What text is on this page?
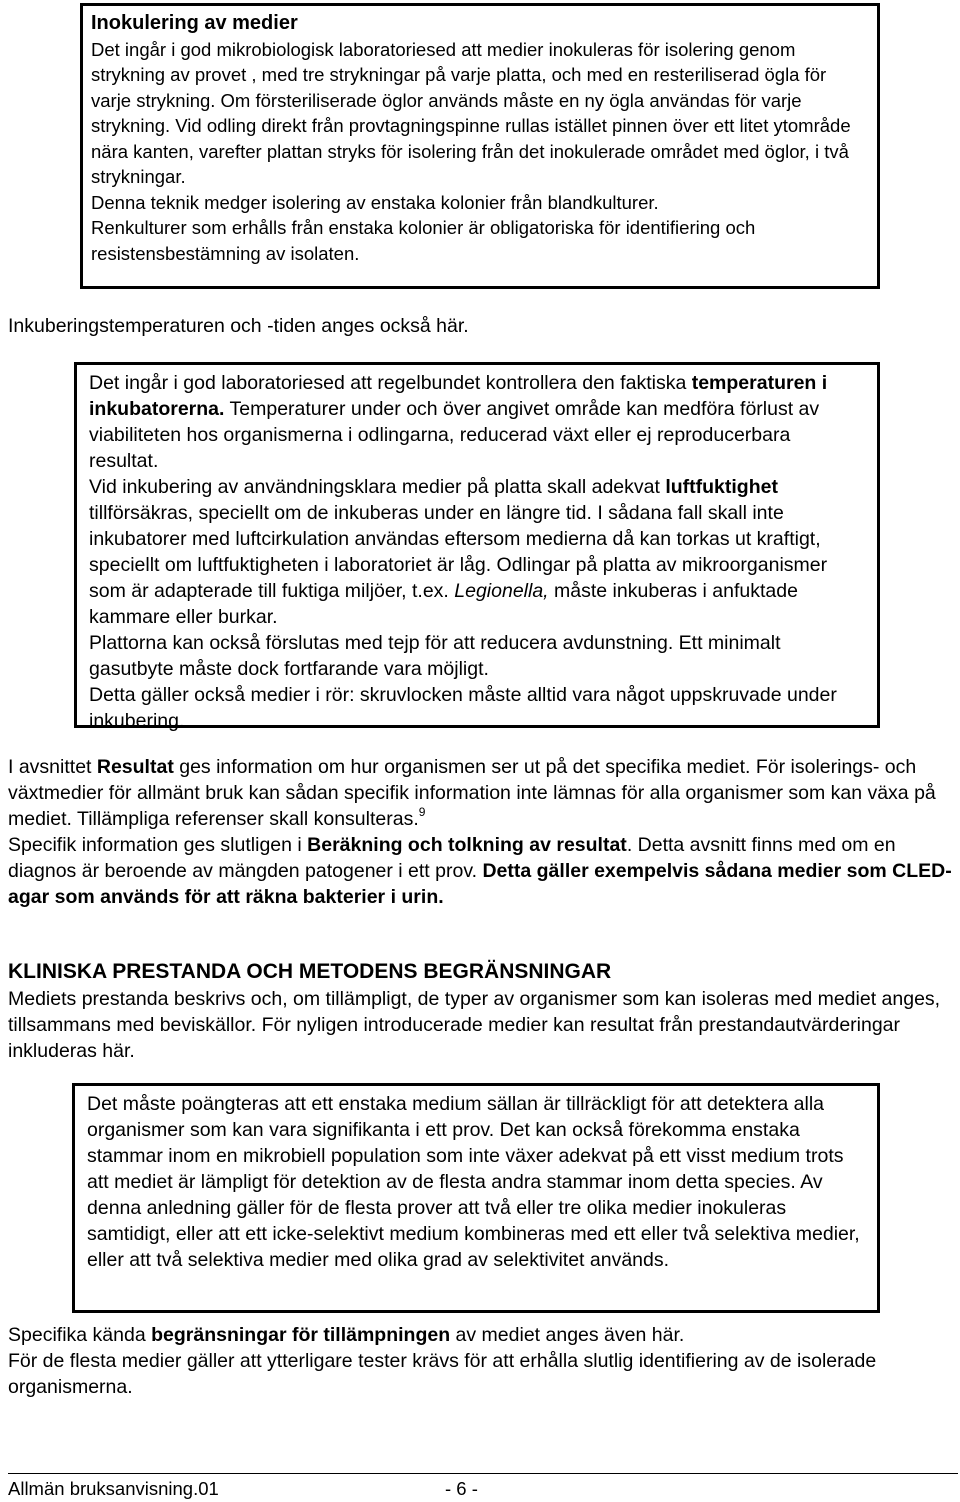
Inokulering av medier
Det ingår i god mikrobiologisk laboratoriesed att medier inokuleras för isolering genom strykning av provet , med tre strykningar på varje platta, och med en resteriliserad ögla för varje strykning. Om försteriliserade öglor används måste en ny ögla användas för varje strykning. Vid odling direkt från provtagningspinne rullas istället pinnen över ett litet ytområde nära kanten, varefter plattan stryks för isolering från det inokulerade området med öglor, i två strykningar.
Denna teknik medger isolering av enstaka kolonier från blandkulturer.
Renkulturer som erhålls från enstaka kolonier är obligatoriska för identifiering och resistensbestämning av isolaten.

Inkuberingstemperaturen och -tiden anges också här.

Det ingår i god laboratoriesed att regelbundet kontrollera den faktiska temperaturen i inkubatorerna. Temperaturer under och över angivet område kan medföra förlust av viabiliteten hos organismerna i odlingarna, reducerad växt eller ej reproducerbara resultat.
Vid inkubering av användningsklara medier på platta skall adekvat luftfuktighet tillförsäkras, speciellt om de inkuberas under en längre tid. I sådana fall skall inte inkubatorer med luftcirkulation användas eftersom medierna då kan torkas ut kraftigt, speciellt om luftfuktigheten i laboratoriet är låg. Odlingar på platta av mikroorganismer som är adapterade till fuktiga miljöer, t.ex. Legionella, måste inkuberas i anfuktade kammare eller burkar.
Plattorna kan också förslutas med tejp för att reducera avdunstning. Ett minimalt gasutbyte måste dock fortfarande vara möjligt.
Detta gäller också medier i rör: skruvlocken måste alltid vara något uppskruvade under inkubering.
I avsnittet Resultat ges information om hur organismen ser ut på det specifika mediet. För isolerings- och växtmedier för allmänt bruk kan sådan specifik information inte lämnas för alla organismer som kan växa på mediet. Tillämpliga referenser skall konsulteras.$^9$
Specifik information ges slutligen i Beräkning och tolkning av resultat. Detta avsnitt finns med om en diagnos är beroende av mängden patogener i ett prov. Detta gäller exempelvis sådana medier som CLED-agar som används för att räkna bakterier i urin.
KLINISKA PRESTANDA OCH METODENS BEGRÄNSNINGAR
Mediets prestanda beskrivs och, om tillämpligt, de typer av organismer som kan isoleras med mediet anges, tillsammans med beviskällor. För nyligen introducerade medier kan resultat från prestandautvärderingar inkluderas här.
Det måste poängteras att ett enstaka medium sällan är tillräckligt för att detektera alla organismer som kan vara signifikanta i ett prov. Det kan också förekomma enstaka stammar inom en mikrobiell population som inte växer adekvat på ett visst medium trots att mediet är lämpligt för detektion av de flesta andra stammar inom detta species. Av denna anledning gäller för de flesta prover att två eller tre olika medier inokuleras samtidigt, eller att ett icke-selektivt medium kombineras med ett eller två selektiva medier, eller att två selektiva medier med olika grad av selektivitet används.
Specifika kända begränsningar för tillämpningen av mediet anges även här.
För de flesta medier gäller att ytterligare tester krävs för att erhålla slutlig identifiering av de isolerade organismerna.
Allmän bruksanvisning.01	- 6 -
